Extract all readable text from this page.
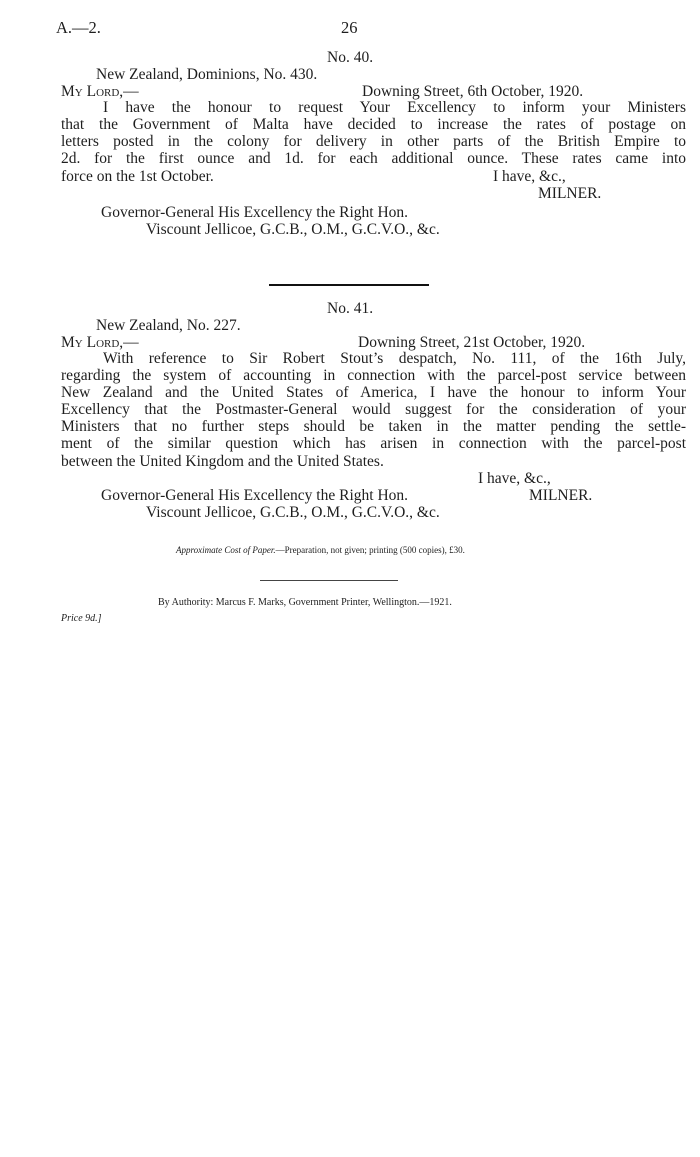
A.—2.	26
No. 40.
New Zealand, Dominions, No. 430.
My Lord,—	Downing Street, 6th October, 1920.
I have the honour to request Your Excellency to inform your Ministers
that the Government of Malta have decided to increase the rates of postage on
letters posted in the colony for delivery in other parts of the British Empire to
2d. for the first ounce and 1d. for each additional ounce. These rates came into
force on the 1st October.	I have, &c.,
MILNER.
Governor-General His Excellency the Right Hon.
Viscount Jellicoe, G.C.B., O.M., G.C.V.O., &c.
No. 41.
New Zealand, No. 227.
My Lord,—	Downing Street, 21st October, 1920.
With reference to Sir Robert Stout’s despatch, No. 111, of the 16th July,
regarding the system of accounting in connection with the parcel-post service between
New Zealand and the United States of America, I have the honour to inform Your
Excellency that the Postmaster-General would suggest for the consideration of your
Ministers that no further steps should be taken in the matter pending the settle-
ment of the similar question which has arisen in connection with the parcel-post
between the United Kingdom and the United States.
I have, &c.,
Governor-General His Excellency the Right Hon.	MILNER.
Viscount Jellicoe, G.C.B., O.M., G.C.V.O., &c.
Approximate Cost of Paper.—Preparation, not given; printing (500 copies), £30.
By Authority: Marcus F. Marks, Government Printer, Wellington.—1921.
Price 9d.]
